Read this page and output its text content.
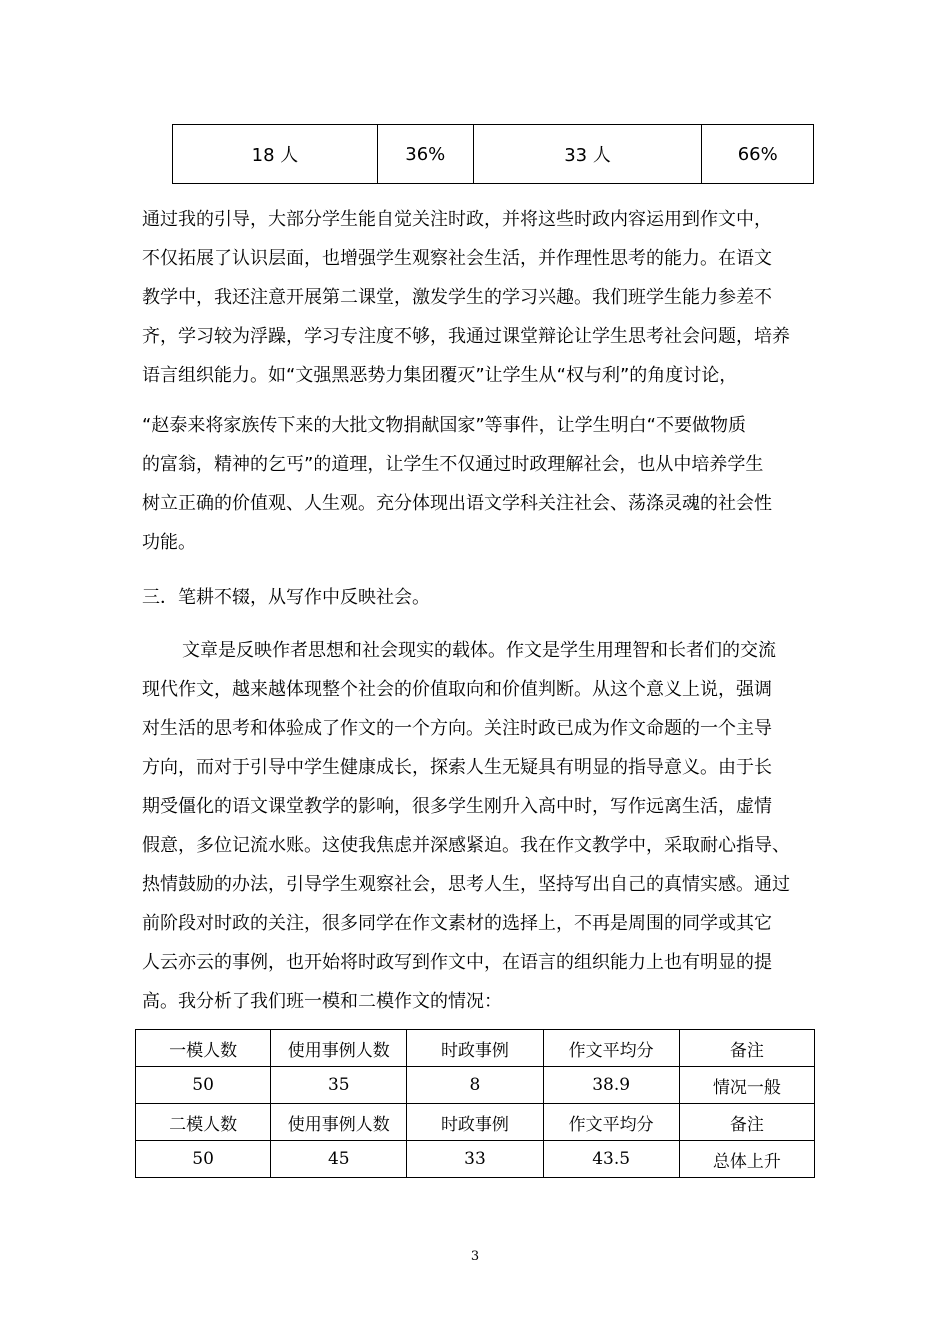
18 人	36%	33 人	66%

通过我的引导，大部分学生能自觉关注时政，并将这些时政内容运用到作文中，

不仅拓展了认识层面，也增强学生观察社会生活，并作理性思考的能力。在语文

教学中，我还注意开展第二课堂，激发学生的学习兴趣。我们班学生能力参差不

齐，学习较为浮躁，学习专注度不够，我通过课堂辩论让学生思考社会问题，培养

语言组织能力。如“文强黑恶势力集团覆灭”让学生从“权与利”的角度讨论，

“赵泰来将家族传下来的大批文物捐献国家”等事件，让学生明白“不要做物质

的富翁，精神的乞丐”的道理，让学生不仅通过时政理解社会，也从中培养学生

树立正确的价值观、人生观。充分体现出语文学科关注社会、荡涤灵魂的社会性

功能。

三．笔耕不辍，从写作中反映社会。

文章是反映作者思想和社会现实的载体。作文是学生用理智和长者们的交流

现代作文，越来越体现整个社会的价值取向和价值判断。从这个意义上说，强调

对生活的思考和体验成了作文的一个方向。关注时政已成为作文命题的一个主导

方向，而对于引导中学生健康成长，探索人生无疑具有明显的指导意义。由于长

期受僵化的语文课堂教学的影响，很多学生刚升入高中时，写作远离生活，虚情

假意，多位记流水账。这使我焦虑并深感紧迫。我在作文教学中，采取耐心指导、

热情鼓励的办法，引导学生观察社会，思考人生，坚持写出自己的真情实感。通过

前阶段对时政的关注，很多同学在作文素材的选择上，不再是周围的同学或其它

人云亦云的事例，也开始将时政写到作文中，在语言的组织能力上也有明显的提

高。我分析了我们班一模和二模作文的情况：

一模人数	使用事例人数	时政事例	作文平均分	备注
50	35	8	38.9	情况一般
二模人数	使用事例人数	时政事例	作文平均分	备注
50	45	33	43.5	总体上升
3
